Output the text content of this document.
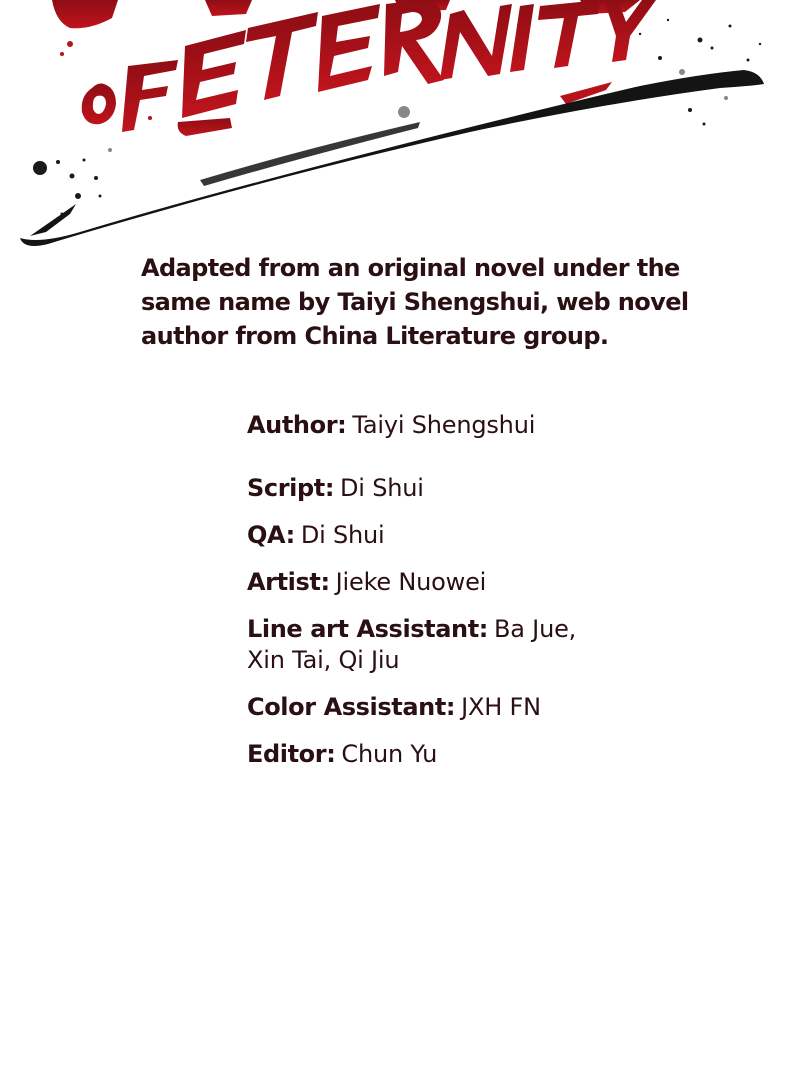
Adapted from an original novel under the
same name by Taiyi Shengshui, web novel
author from China Literature group.

Author: Taiyi Shengshui

Script: Di Shui

QA: Di Shui

Artist: Jieke Nuowei

Line art Assistant: Ba Jue,

Xin Tai, Qi Jiu

Color Assistant: JXH FN

Editor: Chun Yu
